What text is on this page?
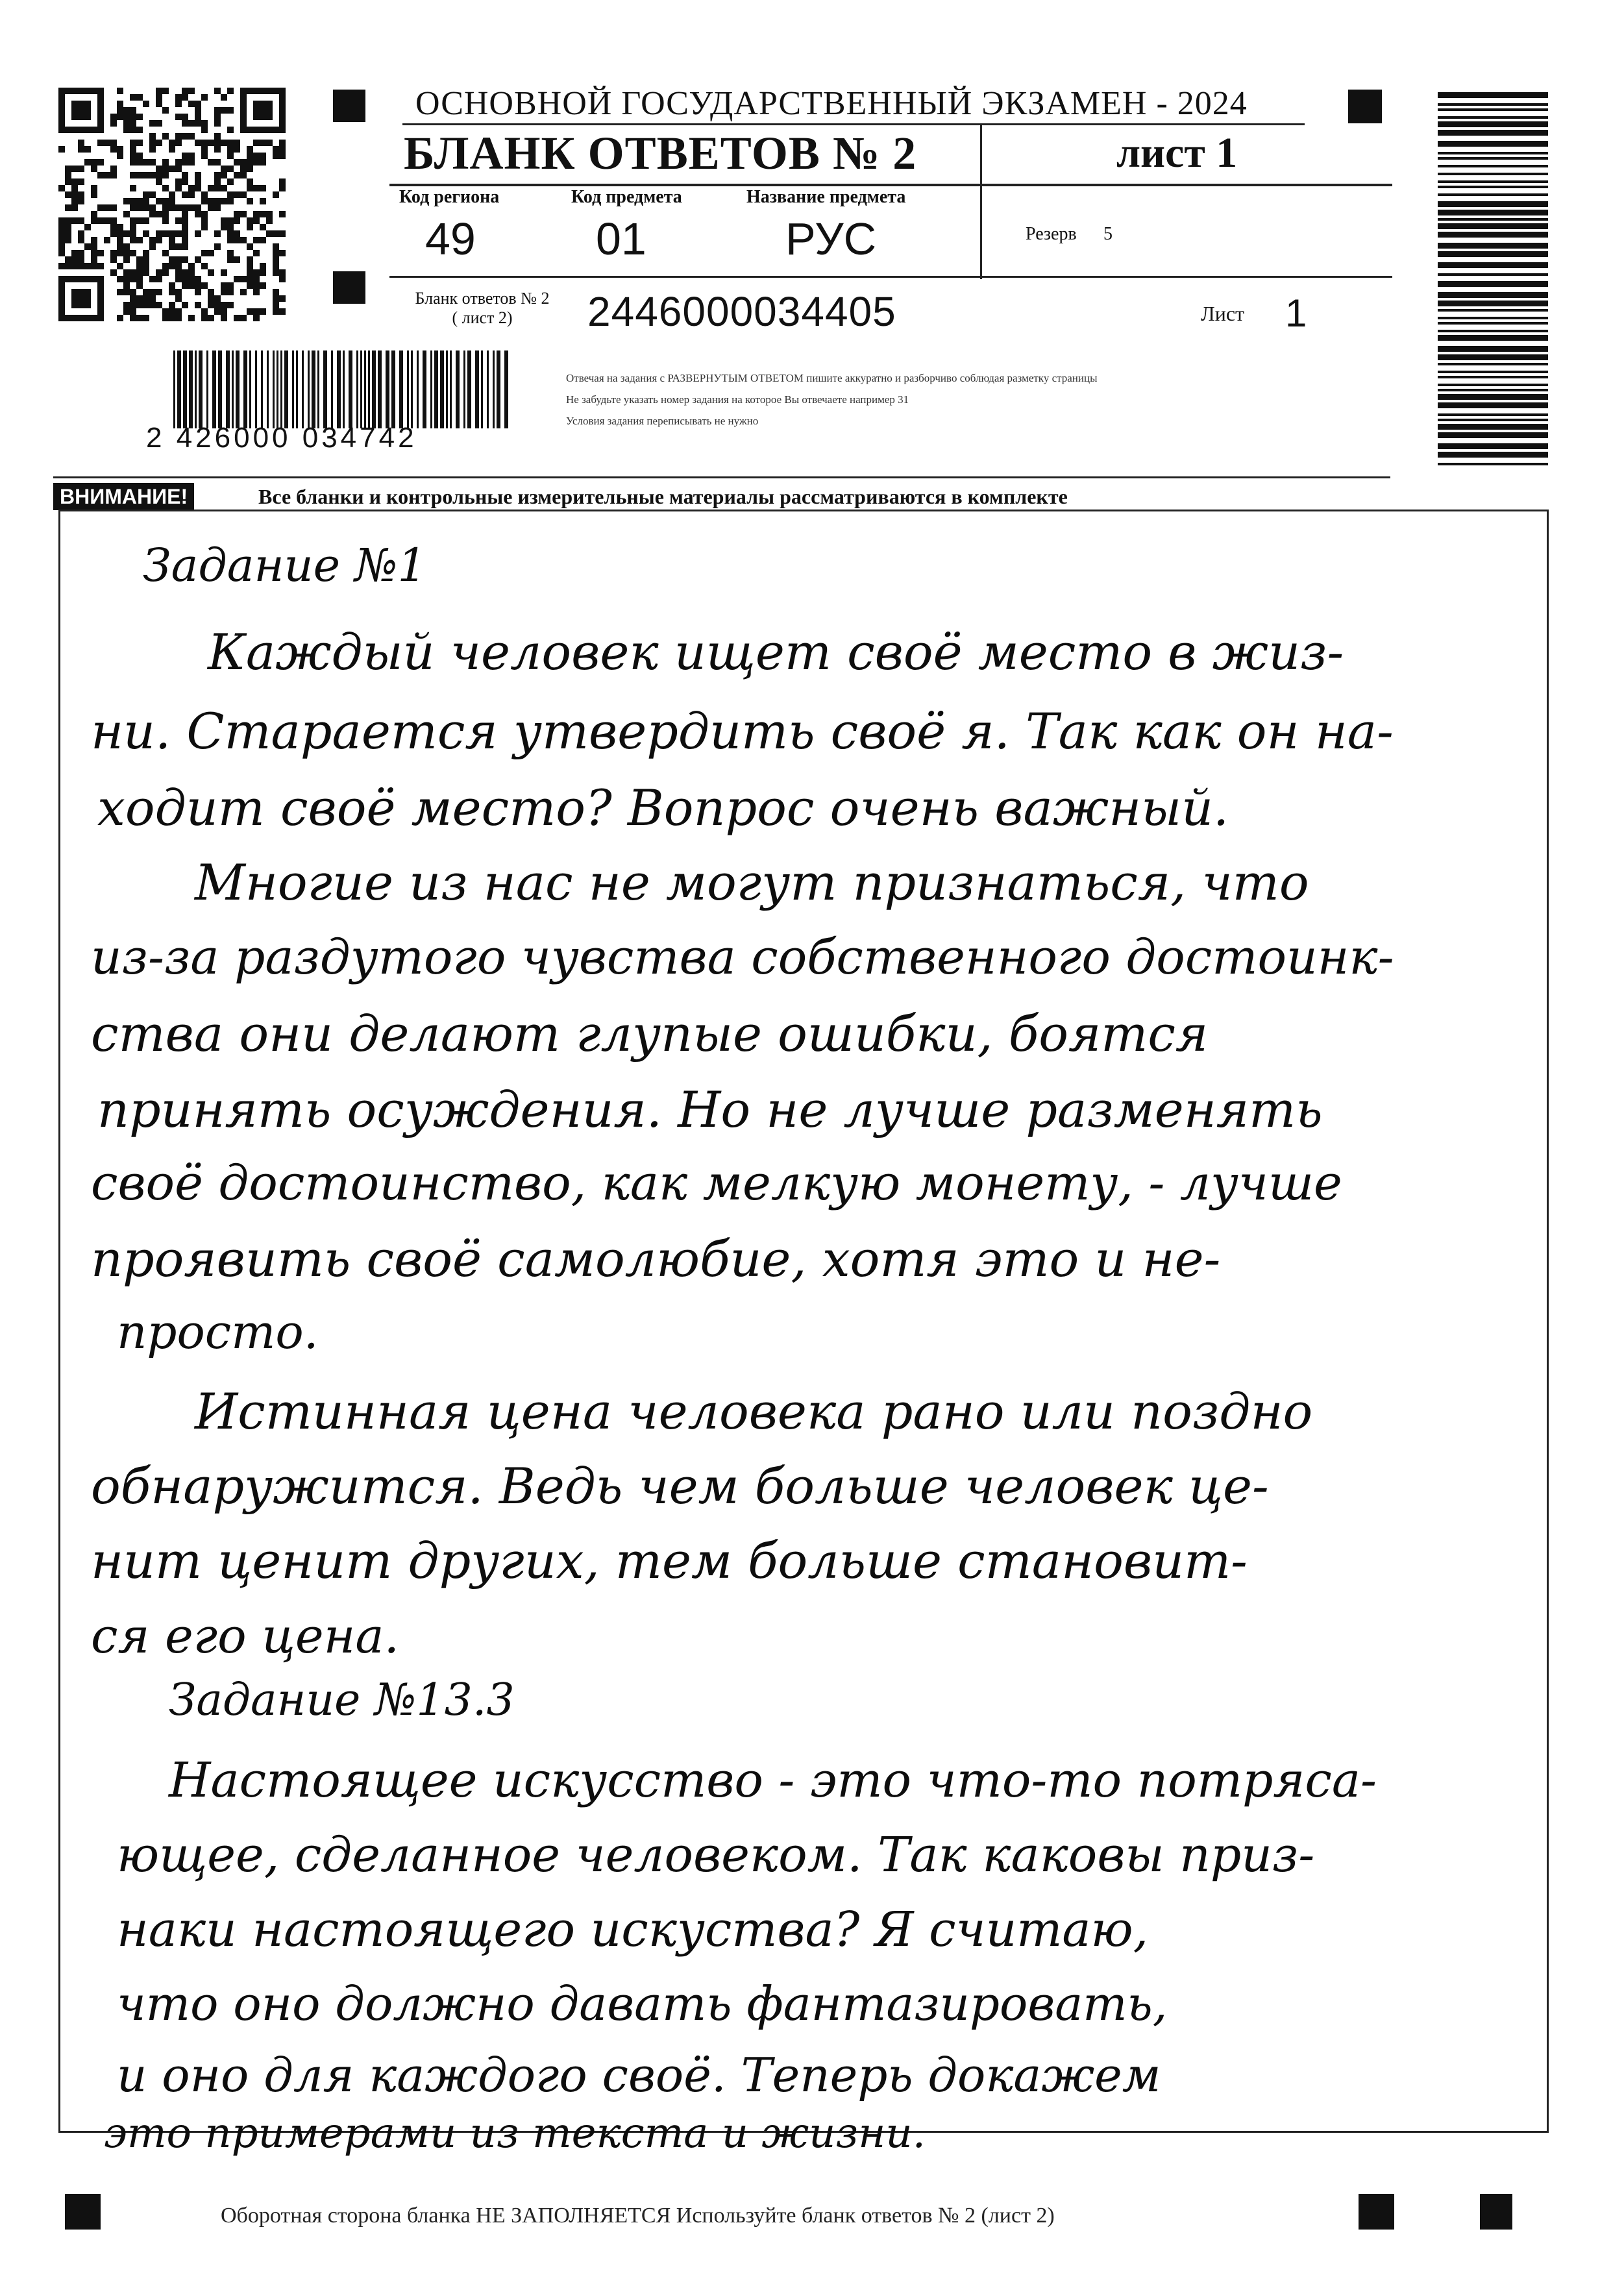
ОСНОВНОЙ ГОСУДАРСТВЕННЫЙ ЭКЗАМЕН - 2024
БЛАНК ОТВЕТОВ № 2	лист 1
Код региона	Код предмета	Название предмета
49	01	РУС	Резерв 5
Бланк ответов № 2
( лист 2)	2446000034405	Лист 1
Отвечая на задания с РАЗВЕРНУТЫМ ОТВЕТОМ пишите аккуратно и разборчиво соблюдая разметку страницы
Не забудьте указать номер задания на которое Вы отвечаете например 31
Условия задания переписывать не нужно
2 426000 034742
ВНИМАНИЕ!	Все бланки и контрольные измерительные материалы рассматриваются в комплекте
Задание №1
Каждый человек ищет своё место в жиз-
ни. Старается утвердить своё я. Так как он на-
ходит своё место? Вопрос очень важный.
Многие из нас не могут признаться, что
из-за раздутого чувства собственного достоинк-
ства они делают глупые ошибки, боятся
принять осуждения. Но не лучше разменять
своё достоинство, как мелкую монету, - лучше
проявить своё самолюбие, хотя это и не-
просто.
Истинная цена человека рано или поздно
обнаружится. Ведь чем больше человек це-
нит ценит других, тем больше становит-
ся его цена.
Задание №13.3
Настоящее искусство - это что-то потряса-
ющее, сделанное человеком. Так каковы приз-
наки настоящего искуства? Я считаю,
что оно должно давать фантазировать,
и оно для каждого своё. Теперь докажем
это примерами из текста и жизни.
Оборотная сторона бланка НЕ ЗАПОЛНЯЕТСЯ Используйте бланк ответов № 2 (лист 2)
